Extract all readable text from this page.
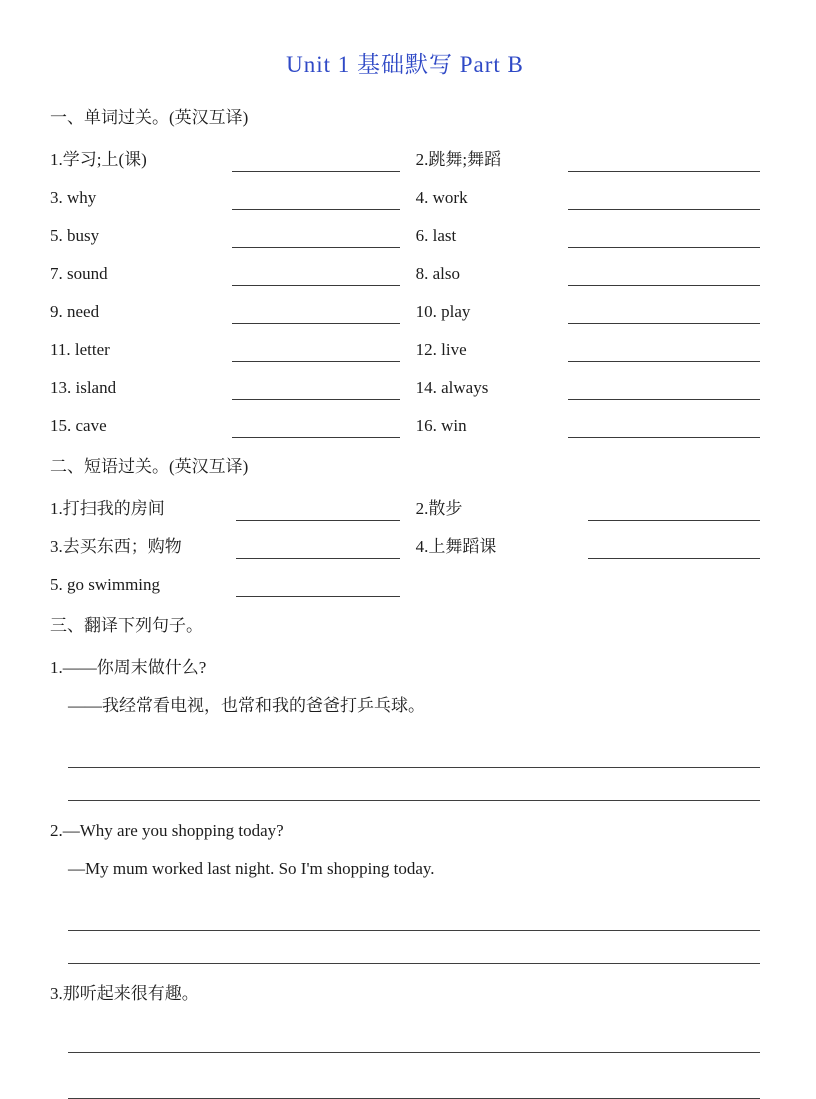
Unit 1 基础默写 Part B
一、单词过关。(英汉互译)
1.学习;上(课)	2.跳舞;舞蹈
3. why	4. work
5. busy	6. last
7. sound	8. also
9. need	10. play
11. letter	12. live
13. island	14. always
15. cave	16. win
二、短语过关。(英汉互译)
1.打扫我的房间	2.散步
3.去买东西；购物	4.上舞蹈课
5. go swimming
三、翻译下列句子。

1.——你周末做什么?

——我经常看电视，也常和我的爸爸打乒乓球。

2.—Why are you shopping today?

—My mum worked last night. So I'm shopping today.

3.那听起来很有趣。
